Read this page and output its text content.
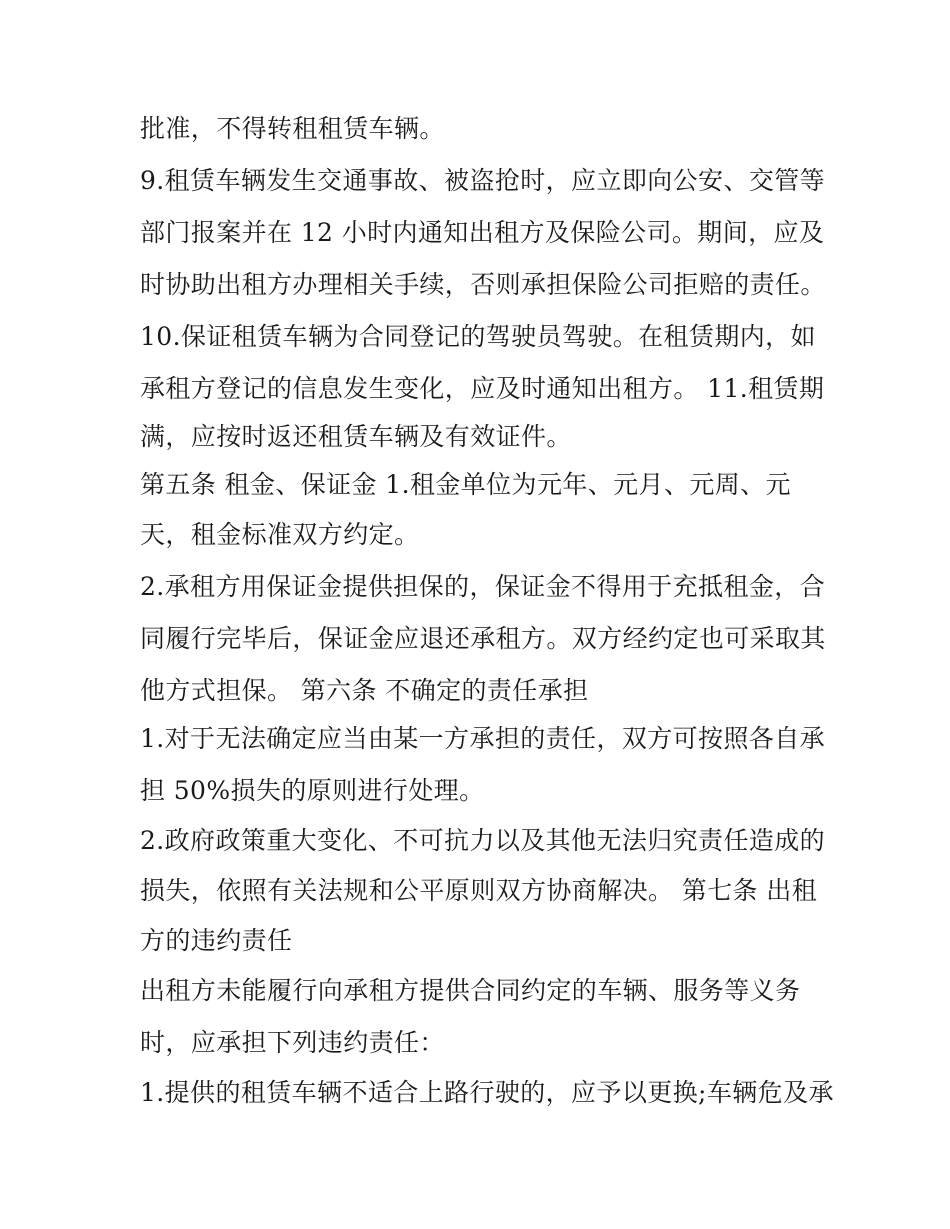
批准，不得转租租赁车辆。
9.租赁车辆发生交通事故、被盗抢时，应立即向公安、交管等
部门报案并在 12 小时内通知出租方及保险公司。期间，应及
时协助出租方办理相关手续，否则承担保险公司拒赔的责任。
10.保证租赁车辆为合同登记的驾驶员驾驶。在租赁期内，如
承租方登记的信息发生变化，应及时通知出租方。 11.租赁期
满，应按时返还租赁车辆及有效证件。
第五条 租金、保证金 1.租金单位为元年、元月、元周、元
天，租金标准双方约定。
2.承租方用保证金提供担保的，保证金不得用于充抵租金，合
同履行完毕后，保证金应退还承租方。双方经约定也可采取其
他方式担保。 第六条 不确定的责任承担
1.对于无法确定应当由某一方承担的责任，双方可按照各自承
担 50%损失的原则进行处理。
2.政府政策重大变化、不可抗力以及其他无法归究责任造成的
损失，依照有关法规和公平原则双方协商解决。 第七条 出租
方的违约责任
出租方未能履行向承租方提供合同约定的车辆、服务等义务
时，应承担下列违约责任：
1.提供的租赁车辆不适合上路行驶的，应予以更换;车辆危及承
